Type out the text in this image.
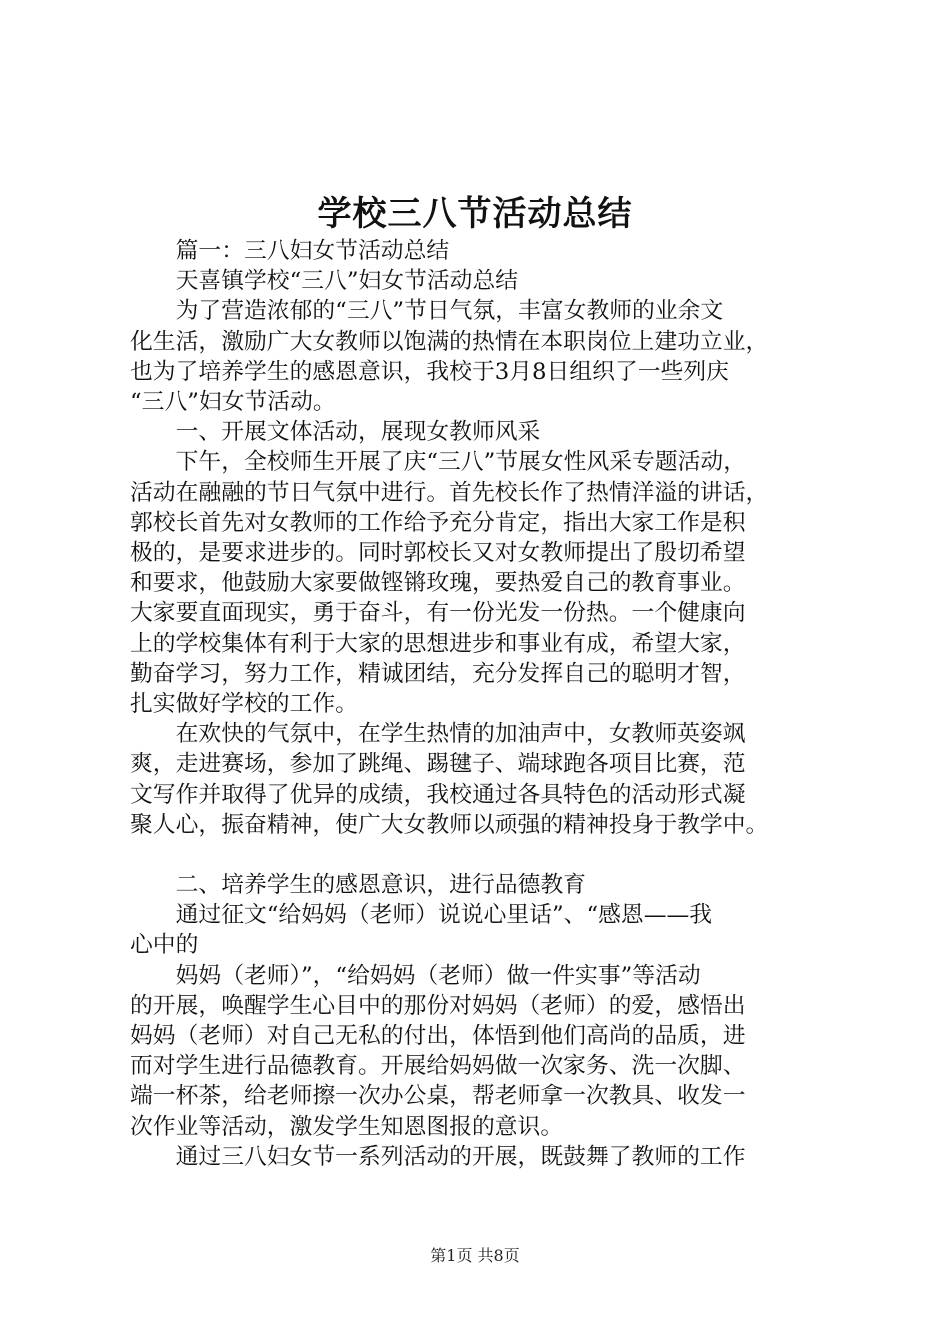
学校三八节活动总结

篇一：三八妇女节活动总结

天喜镇学校“三八”妇女节活动总结

为了营造浓郁的“三八”节日气氛，丰富女教师的业余文
化生活，激励广大女教师以饱满的热情在本职岗位上建功立业，
也为了培养学生的感恩意识，我校于3月8日组织了一些列庆
“三八”妇女节活动。

一、开展文体活动，展现女教师风采

下午，全校师生开展了庆“三八”节展女性风采专题活动，
活动在融融的节日气氛中进行。首先校长作了热情洋溢的讲话，
郭校长首先对女教师的工作给予充分肯定，指出大家工作是积
极的，是要求进步的。同时郭校长又对女教师提出了殷切希望
和要求，他鼓励大家要做铿锵玫瑰，要热爱自己的教育事业。
大家要直面现实，勇于奋斗，有一份光发一份热。一个健康向
上的学校集体有利于大家的思想进步和事业有成，希望大家，
勤奋学习，努力工作，精诚团结，充分发挥自己的聪明才智，
扎实做好学校的工作。

在欢快的气氛中，在学生热情的加油声中，女教师英姿飒
爽，走进赛场，参加了跳绳、踢毽子、端球跑各项目比赛，范
文写作并取得了优异的成绩，我校通过各具特色的活动形式凝
聚人心，振奋精神，使广大女教师以顽强的精神投身于教学中。

二、培养学生的感恩意识，进行品德教育

通过征文“给妈妈（老师）说说心里话”、“感恩——我
心中的

妈妈（老师）”，“给妈妈（老师）做一件实事”等活动
的开展，唤醒学生心目中的那份对妈妈（老师）的爱，感悟出
妈妈（老师）对自己无私的付出，体悟到他们高尚的品质，进
而对学生进行品德教育。开展给妈妈做一次家务、洗一次脚、
端一杯茶，给老师擦一次办公桌，帮老师拿一次教具、收发一
次作业等活动，激发学生知恩图报的意识。

通过三八妇女节一系列活动的开展，既鼓舞了教师的工作

第1页 共8页
